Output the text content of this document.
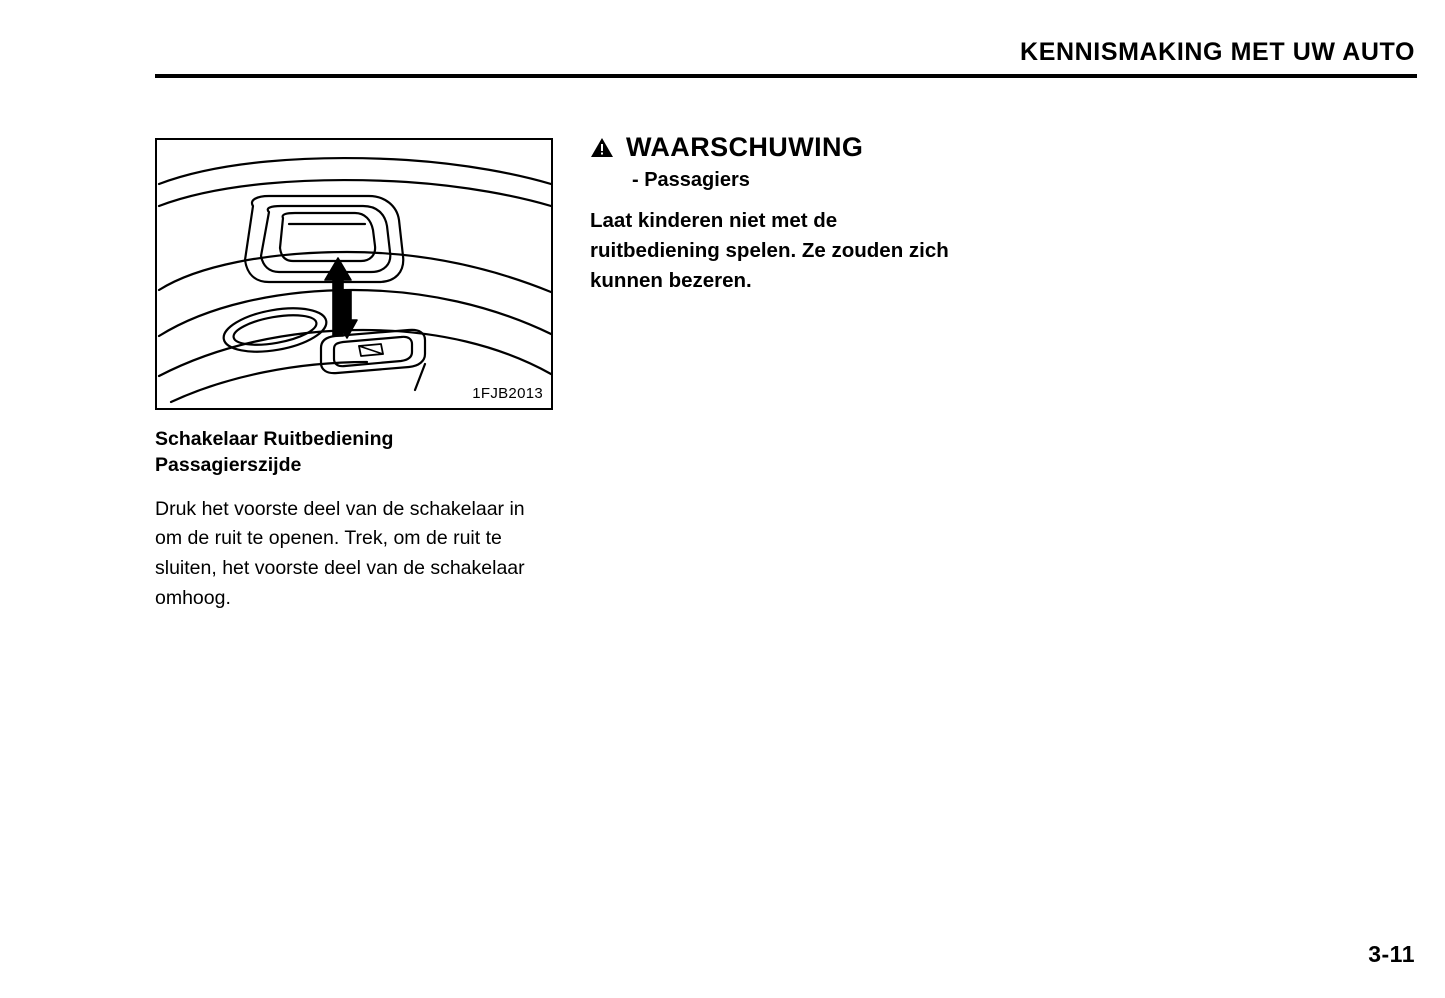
KENNISMAKING MET UW AUTO
1FJB2013
Schakelaar Ruitbediening
Passagierszijde
Druk het voorste deel van de schakelaar in om de ruit te openen. Trek, om de ruit te sluiten, het voorste deel van de schakelaar omhoog.
WAARSCHUWING
- Passagiers
Laat kinderen niet met de ruitbediening spelen. Ze zouden zich kunnen bezeren.
3-11
